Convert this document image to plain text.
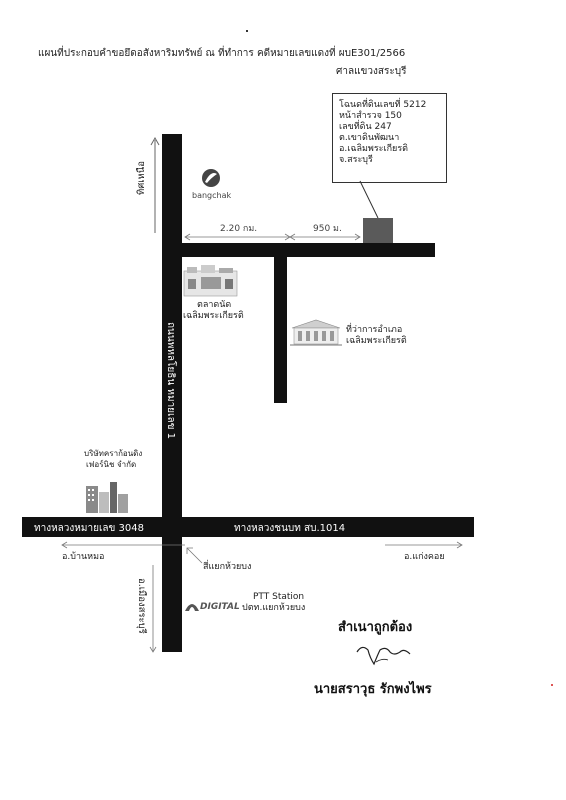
แผนที่ประกอบคำขอยึดอสังหาริมทรัพย์ ณ ที่ทำการ คดีหมายเลขแดงที่ ผบE301/2566
ศาลแขวงสระบุรี
โฉนดที่ดินเลขที่ 5212
หน้าสำรวจ 150
เลขที่ดิน 247
ต.เขาดินพัฒนา
อ.เฉลิมพระเกียรติ
จ.สระบุรี
ทิศเหนือ
ทางหลวงหมายเลข 3048	ทางหลวงชนบท สบ.1014
ถนนพหลโยธิน หมายเลข 1
2.20 กม.	950 ม.
bangchak
ตลาดนัด
เฉลิมพระเกียรติ
ที่ว่าการอำเภอ
เฉลิมพระเกียรติ
บริษัทคราก้อนดิง
เฟอร์นิช จำกัด
อ.บ้านหมอ	อ.แก่งคอย
อ.เมืองสระบุรี
สี่แยกห้วยบง
DIGITAL
PTT Station
ปตท.แยกห้วยบง
สำเนาถูกต้อง
นายสราวุธ รักพงไพร
